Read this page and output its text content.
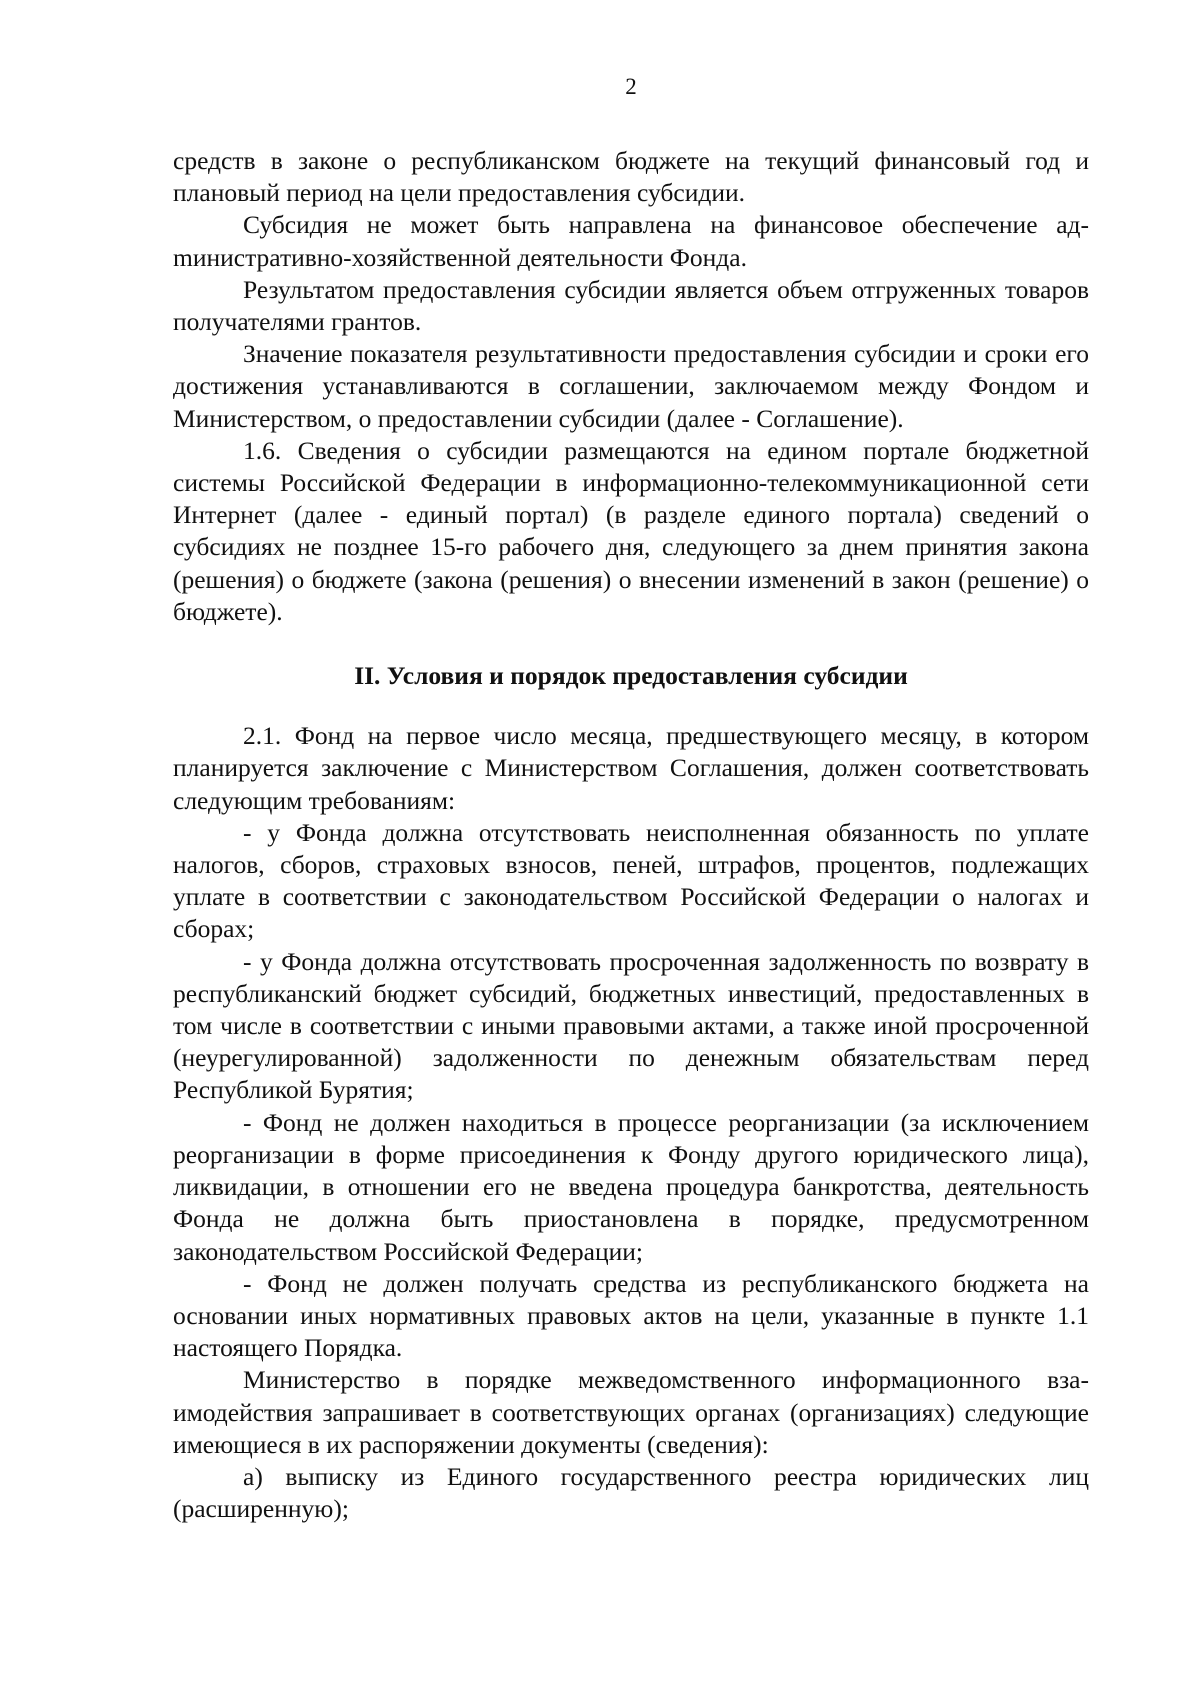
2

средств в законе о республиканском бюджете на текущий финансовый год и плановый период на цели предоставления субсидии.

Субсидия не может быть направлена на финансовое обеспечение адmинистративно-хозяйственной деятельности Фонда.

Результатом предоставления субсидии является объем отгруженных товаров получателями грантов.

Значение показателя результативности предоставления субсидии и сроки его достижения устанавливаются в соглашении, заключаемом между Фондом и Министерством, о предоставлении субсидии (далее - Соглашение).

1.6. Сведения о субсидии размещаются на едином портале бюджетной системы Российской Федерации в информационно-телекоммуникационной сети Интернет (далее - единый портал) (в разделе единого портала) сведений о субсидиях не позднее 15-го рабочего дня, следующего за днем принятия закона (решения) о бюджете (закона (решения) о внесении изменений в закон (решение) о бюджете).

II. Условия и порядок предоставления субсидии

2.1. Фонд на первое число месяца, предшествующего месяцу, в котором планируется заключение с Министерством Соглашения, должен соответствовать следующим требованиям:

- у Фонда должна отсутствовать неисполненная обязанность по уплате налогов, сборов, страховых взносов, пеней, штрафов, процентов, подлежащих уплате в соответствии с законодательством Российской Федерации о налогах и сборах;

- у Фонда должна отсутствовать просроченная задолженность по возврату в республиканский бюджет субсидий, бюджетных инвестиций, предоставленных в том числе в соответствии с иными правовыми актами, а также иной просроченной (неурегулированной) задолженности по денежным обязательствам перед Республикой Бурятия;

- Фонд не должен находиться в процессе реорганизации (за исключением реорганизации в форме присоединения к Фонду другого юридического лица), ликвидации, в отношении его не введена процедура банкротства, деятельность Фонда не должна быть приостановлена в порядке, предусмотренном законодательством Российской Федерации;

- Фонд не должен получать средства из республиканского бюджета на основании иных нормативных правовых актов на цели, указанные в пункте 1.1 настоящего Порядка.

Министерство в порядке межведомственного информационного взаимодействия запрашивает в соответствующих органах (организациях) следующие имеющиеся в их распоряжении документы (сведения):

а) выписку из Единого государственного реестра юридических лиц (расширенную);
